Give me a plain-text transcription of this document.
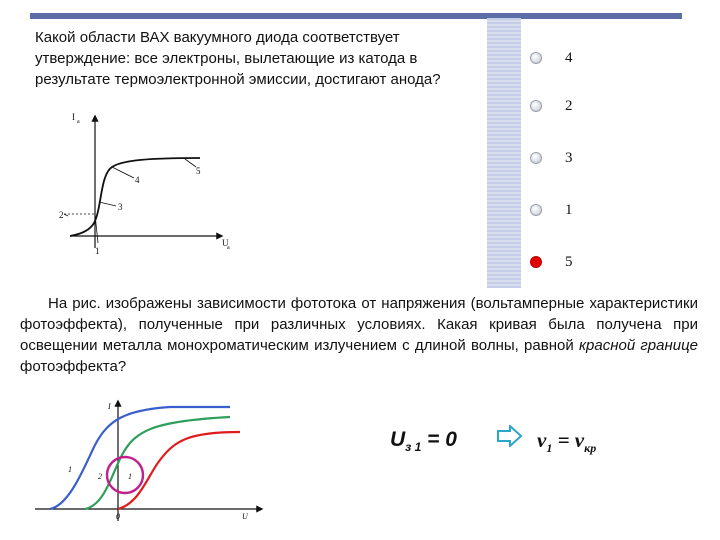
Какой области ВАХ вакуумного диода соответствует утверждение: все электроны, вылетающие из катода в результате термоэлектронной эмиссии, достигают анода?
I a
U
a
1
2
3
4
5
4
2
3
1
5
На рис. изображены зависимости фототока от напряжения (вольтамперные характеристики фотоэффекта), полученные при различных условиях. Какая кривая была получена при освещении металла монохроматическим излучением с длиной волны, равной красной границе фотоэффекта?
I
U
0
1
2	1
$U_{з 1} = 0$	$\nu_1 = \nu_{кр}$
